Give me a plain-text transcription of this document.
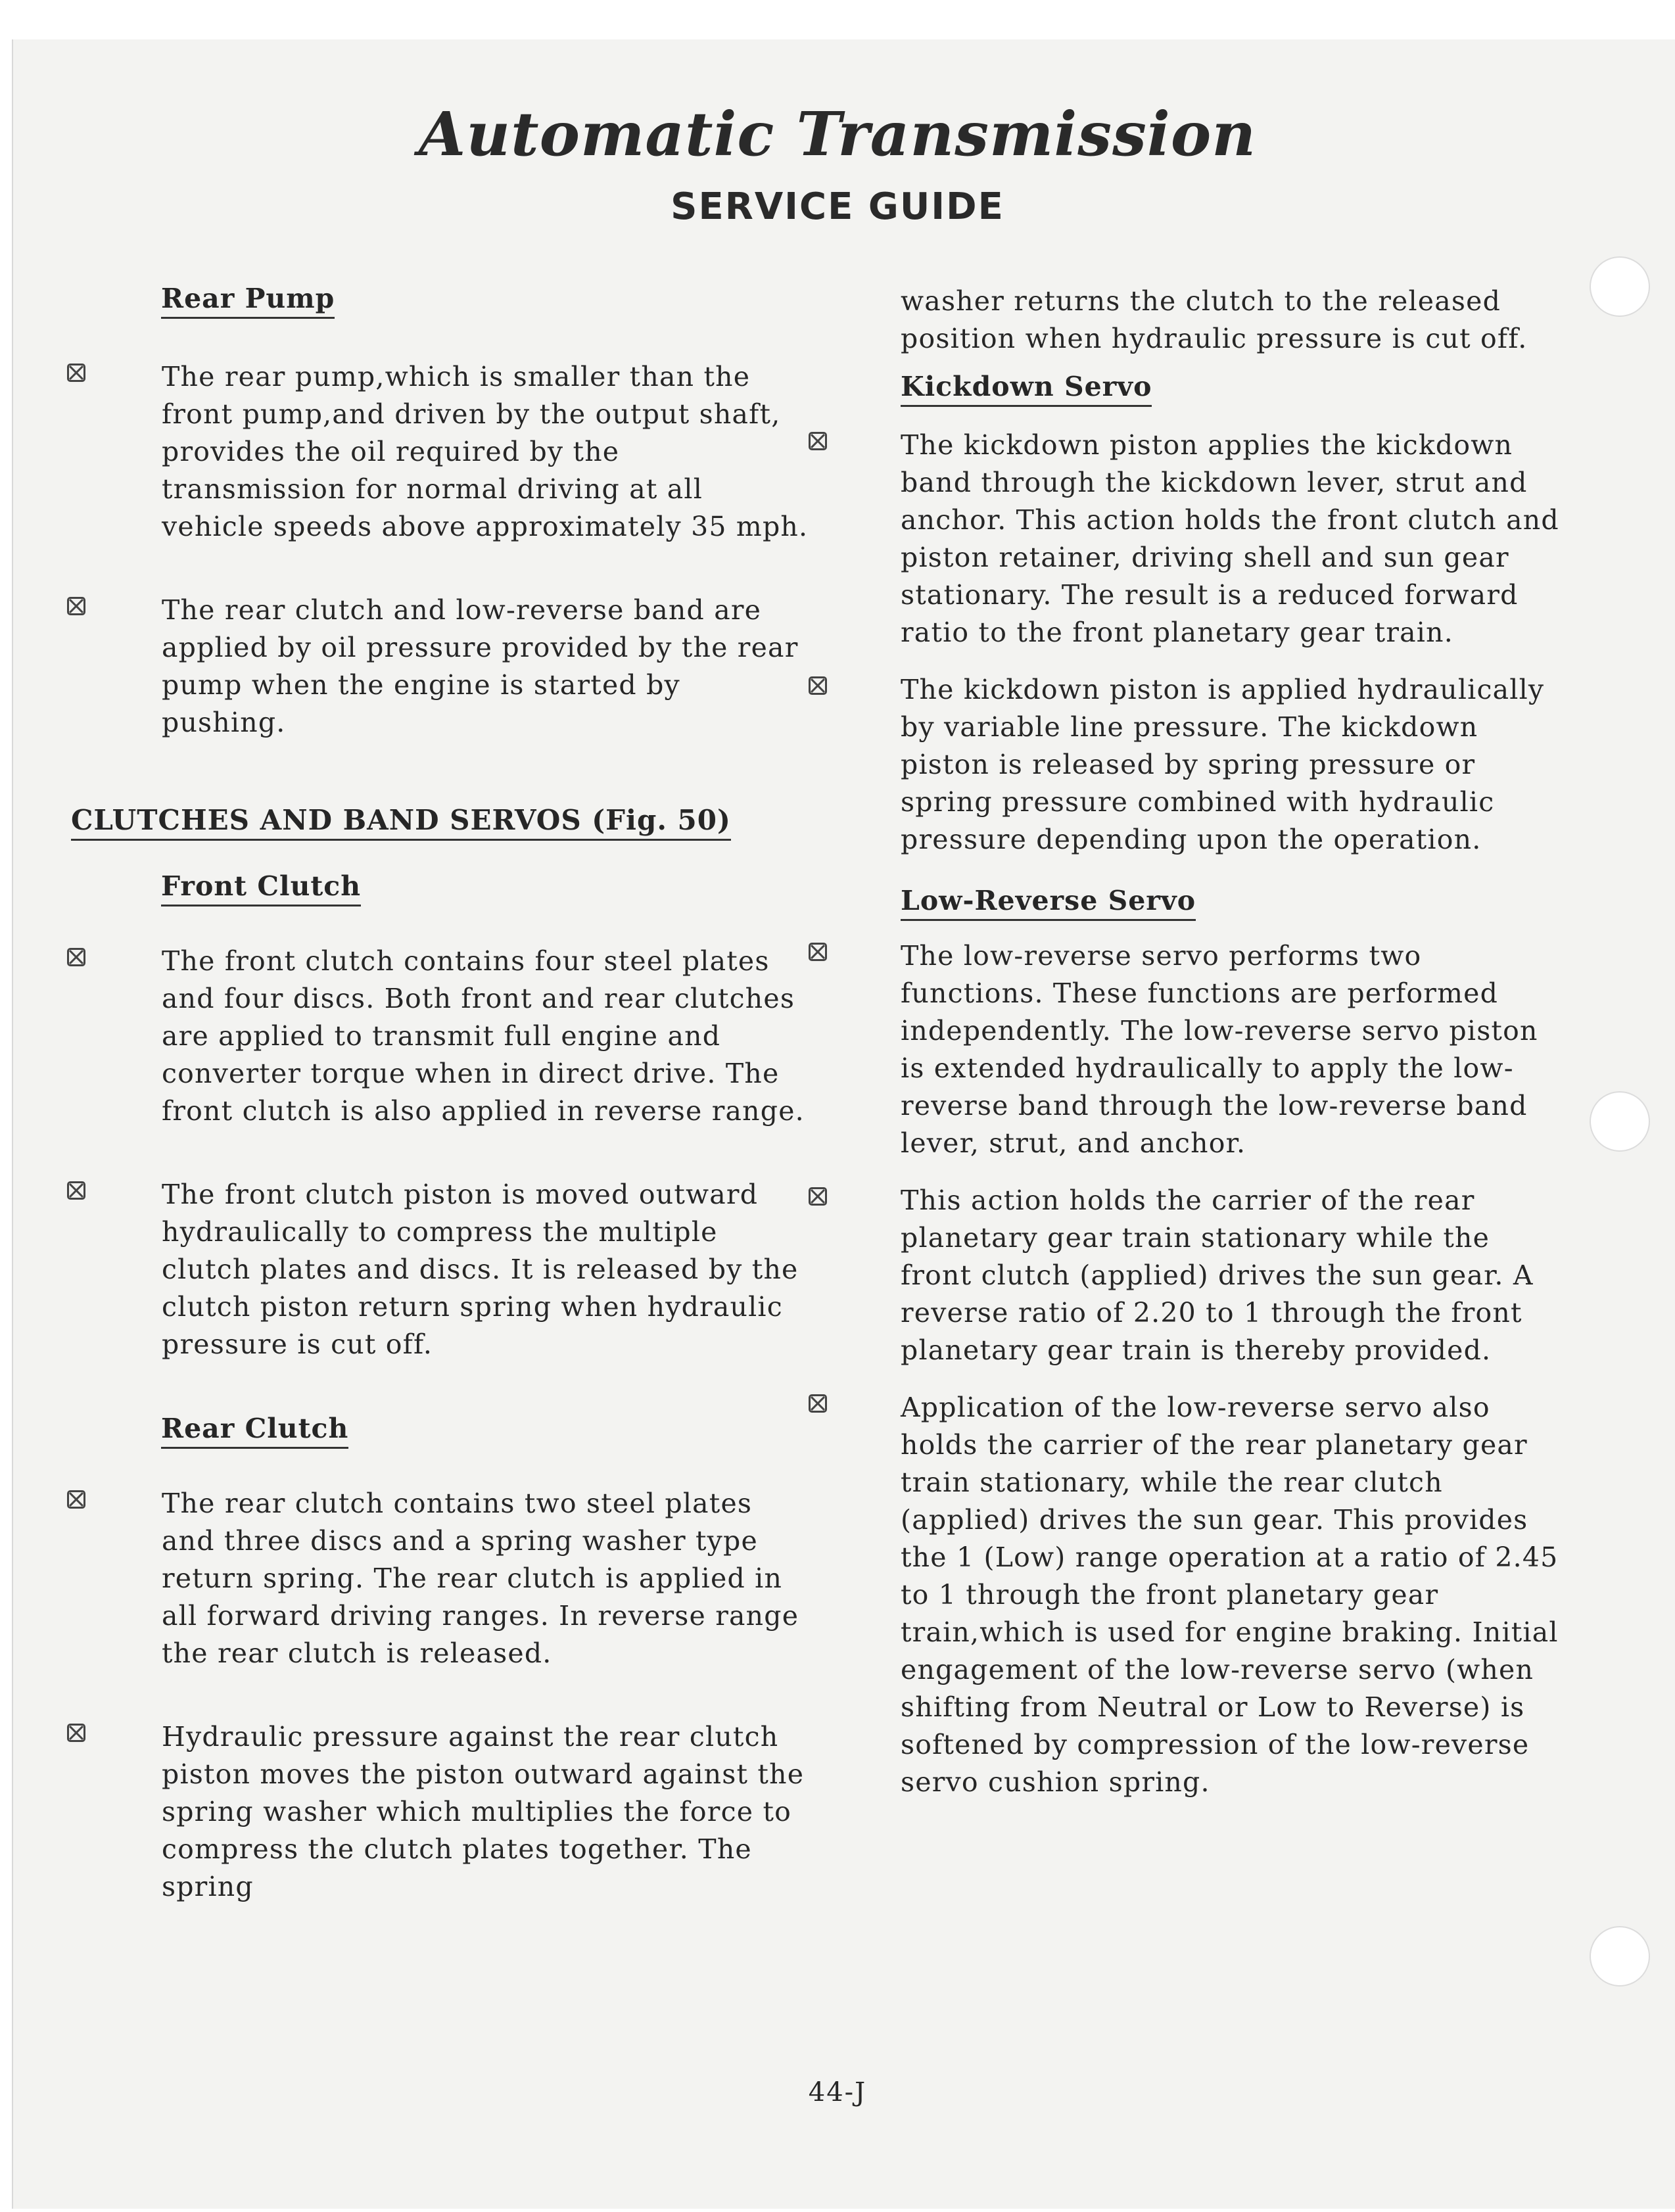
Automatic Transmission
SERVICE GUIDE
Rear Pump
The rear pump,which is smaller than the front pump,and driven by the output shaft, provides the oil required by the transmission for normal driving at all vehicle speeds above approximately 35 mph.
The rear clutch and low-reverse band are applied by oil pressure provided by the rear pump when the engine is started by pushing.
CLUTCHES AND BAND SERVOS (Fig. 50)
Front Clutch
The front clutch contains four steel plates and four discs. Both front and rear clutches are applied to transmit full engine and converter torque when in direct drive. The front clutch is also applied in reverse range.
The front clutch piston is moved outward hydraulically to compress the multiple clutch plates and discs. It is released by the clutch piston return spring when hydraulic pressure is cut off.
Rear Clutch
The rear clutch contains two steel plates and three discs and a spring washer type return spring. The rear clutch is applied in all forward driving ranges. In reverse range the rear clutch is released.
Hydraulic pressure against the rear clutch piston moves the piston outward against the spring washer which multiplies the force to compress the clutch plates together. The spring
washer returns the clutch to the released position when hydraulic pressure is cut off.
Kickdown Servo
The kickdown piston applies the kickdown band through the kickdown lever, strut and anchor. This action holds the front clutch and piston retainer, driving shell and sun gear stationary. The result is a reduced forward ratio to the front planetary gear train.
The kickdown piston is applied hydraulically by variable line pressure. The kickdown piston is released by spring pressure or spring pressure combined with hydraulic pressure depending upon the operation.
Low-Reverse Servo
The low-reverse servo performs two functions. These functions are performed independently. The low-reverse servo piston is extended hydraulically to apply the low-reverse band through the low-reverse band lever, strut, and anchor.
This action holds the carrier of the rear planetary gear train stationary while the front clutch (applied) drives the sun gear. A reverse ratio of 2.20 to 1 through the front planetary gear train is thereby provided.
Application of the low-reverse servo also holds the carrier of the rear planetary gear train stationary, while the rear clutch (applied) drives the sun gear. This provides the 1 (Low) range operation at a ratio of 2.45 to 1 through the front planetary gear train,which is used for engine braking. Initial engagement of the low-reverse servo (when shifting from Neutral or Low to Reverse) is softened by compression of the low-reverse servo cushion spring.
44-J
